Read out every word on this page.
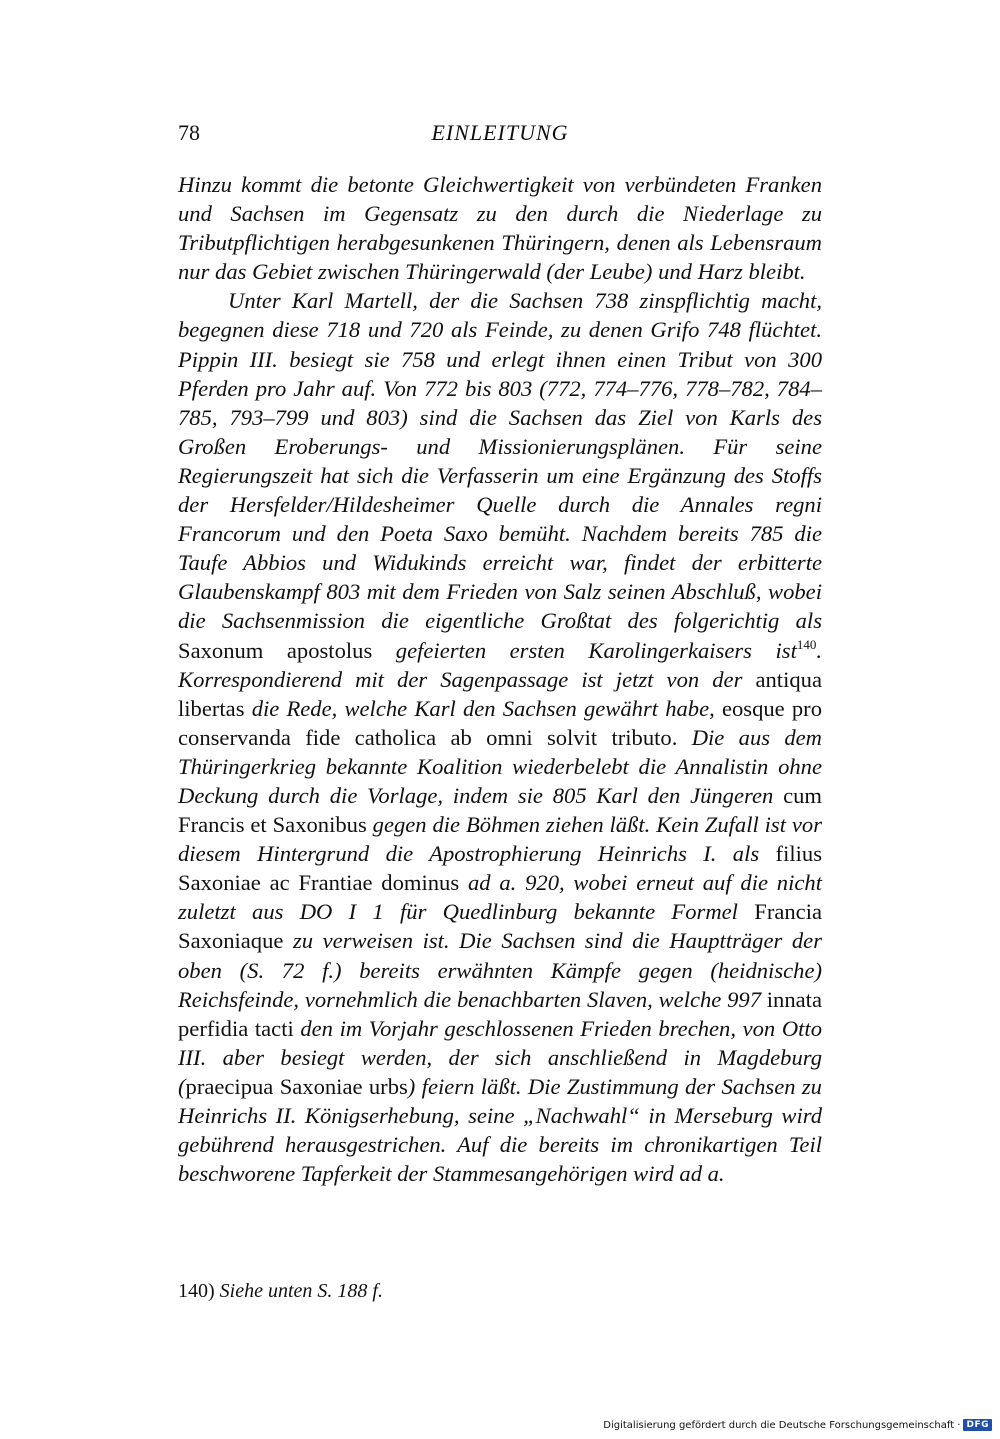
78	EINLEITUNG

Hinzu kommt die betonte Gleichwertigkeit von verbündeten Franken und Sachsen im Gegensatz zu den durch die Niederlage zu Tributpflichtigen herabgesunkenen Thüringern, denen als Lebensraum nur das Gebiet zwischen Thüringerwald (der Leube) und Harz bleibt.

Unter Karl Martell, der die Sachsen 738 zinspflichtig macht, begegnen diese 718 und 720 als Feinde, zu denen Grifo 748 flüchtet. Pippin III. besiegt sie 758 und erlegt ihnen einen Tribut von 300 Pferden pro Jahr auf. Von 772 bis 803 (772, 774–776, 778–782, 784–785, 793–799 und 803) sind die Sachsen das Ziel von Karls des Großen Eroberungs- und Missionierungsplänen. Für seine Regierungszeit hat sich die Verfasserin um eine Ergänzung des Stoffs der Hersfelder/Hildesheimer Quelle durch die Annales regni Francorum und den Poeta Saxo bemüht. Nachdem bereits 785 die Taufe Abbios und Widukinds erreicht war, findet der erbitterte Glaubenskampf 803 mit dem Frieden von Salz seinen Abschluß, wobei die Sachsenmission die eigentliche Großtat des folgerichtig als Saxonum apostolus gefeierten ersten Karolingerkaisers ist$^{140}$. Korrespondierend mit der Sagenpassage ist jetzt von der antiqua libertas die Rede, welche Karl den Sachsen gewährt habe, eosque pro conservanda fide catholica ab omni solvit tributo. Die aus dem Thüringerkrieg bekannte Koalition wiederbelebt die Annalistin ohne Deckung durch die Vorlage, indem sie 805 Karl den Jüngeren cum Francis et Saxonibus gegen die Böhmen ziehen läßt. Kein Zufall ist vor diesem Hintergrund die Apostrophierung Heinrichs I. als filius Saxoniae ac Frantiae dominus ad a. 920, wobei erneut auf die nicht zuletzt aus DO I 1 für Quedlinburg bekannte Formel Francia Saxoniaque zu verweisen ist. Die Sachsen sind die Hauptträger der oben (S. 72 f.) bereits erwähnten Kämpfe gegen (heidnische) Reichsfeinde, vornehmlich die benachbarten Slaven, welche 997 innata perfidia tacti den im Vorjahr geschlossenen Frieden brechen, von Otto III. aber besiegt werden, der sich anschließend in Magdeburg (praecipua Saxoniae urbs) feiern läßt. Die Zustimmung der Sachsen zu Heinrichs II. Königserhebung, seine „Nachwahl“ in Merseburg wird gebührend herausgestrichen. Auf die bereits im chronikartigen Teil beschworene Tapferkeit der Stammesangehörigen wird ad a.

140) Siehe unten S. 188 f.
Digitalisierung gefördert durch die Deutsche Forschungsgemeinschaft · DFG
